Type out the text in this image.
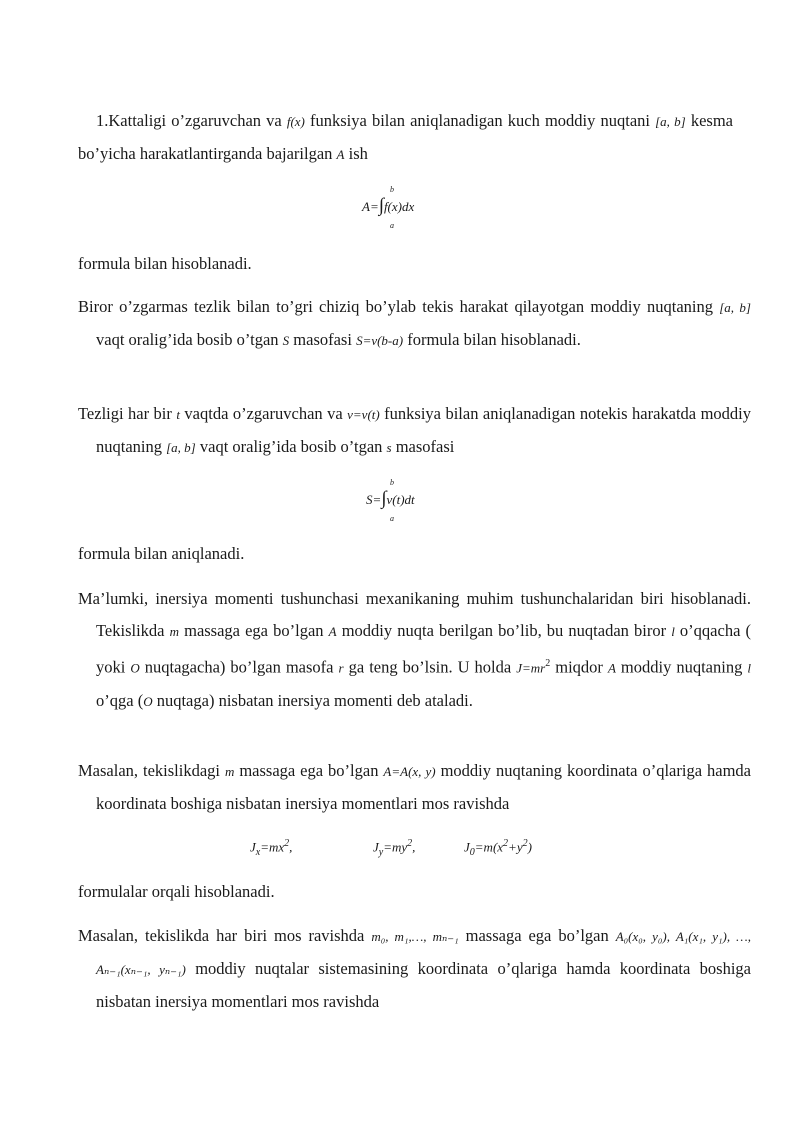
1.Kattaligi o’zgaruvchan va f(x) funksiya bilan aniqlanadigan kuch moddiy nuqtani [a, b] kesma bo’yicha harakatlantirganda bajarilgan A ish
A=∫f(x)dx
b
a
formula bilan hisoblanadi.
Biror o’zgarmas tezlik bilan to’gri chiziq bo’ylab tekis harakat qilayotgan moddiy nuqtaning [a, b] vaqt oralig’ida bosib o’tgan S masofasi S=v(b-a) formula bilan hisoblanadi.
Tezligi har bir t vaqtda o’zgaruvchan va v=v(t) funksiya bilan aniqlanadigan notekis harakatda moddiy nuqtaning [a, b] vaqt oralig’ida bosib o’tgan s masofasi
S=∫v(t)dt
b
a
formula bilan aniqlanadi.
Ma’lumki, inersiya momenti tushunchasi mexanikaning muhim tushunchalaridan biri hisoblanadi. Tekislikda m massaga ega bo’lgan A moddiy nuqta berilgan bo’lib, bu nuqtadan biror l o’qqacha ( yoki O nuqtagacha) bo’lgan masofa r ga teng bo’lsin. U holda $J=mr^2$ miqdor A moddiy nuqtaning l o’qga (O nuqtaga) nisbatan inersiya momenti deb ataladi.
Masalan, tekislikdagi m massaga ega bo’lgan A=A(x, y) moddiy nuqtaning koordinata o’qlariga hamda koordinata boshiga nisbatan inersiya momentlari mos ravishda
$J_x=mx^2$,	$J_y=my^2$,	$J_0=m(x^2+y^2)$
formulalar orqali hisoblanadi.
Masalan, tekislikda har biri mos ravishda m₀, m₁,…, mₙ₋₁ massaga ega bo’lgan A₀(x₀, y₀), A₁(x₁, y₁), …, Aₙ₋₁(xₙ₋₁, yₙ₋₁) moddiy nuqtalar sistemasining koordinata o’qlariga hamda koordinata boshiga nisbatan inersiya momentlari mos ravishda
